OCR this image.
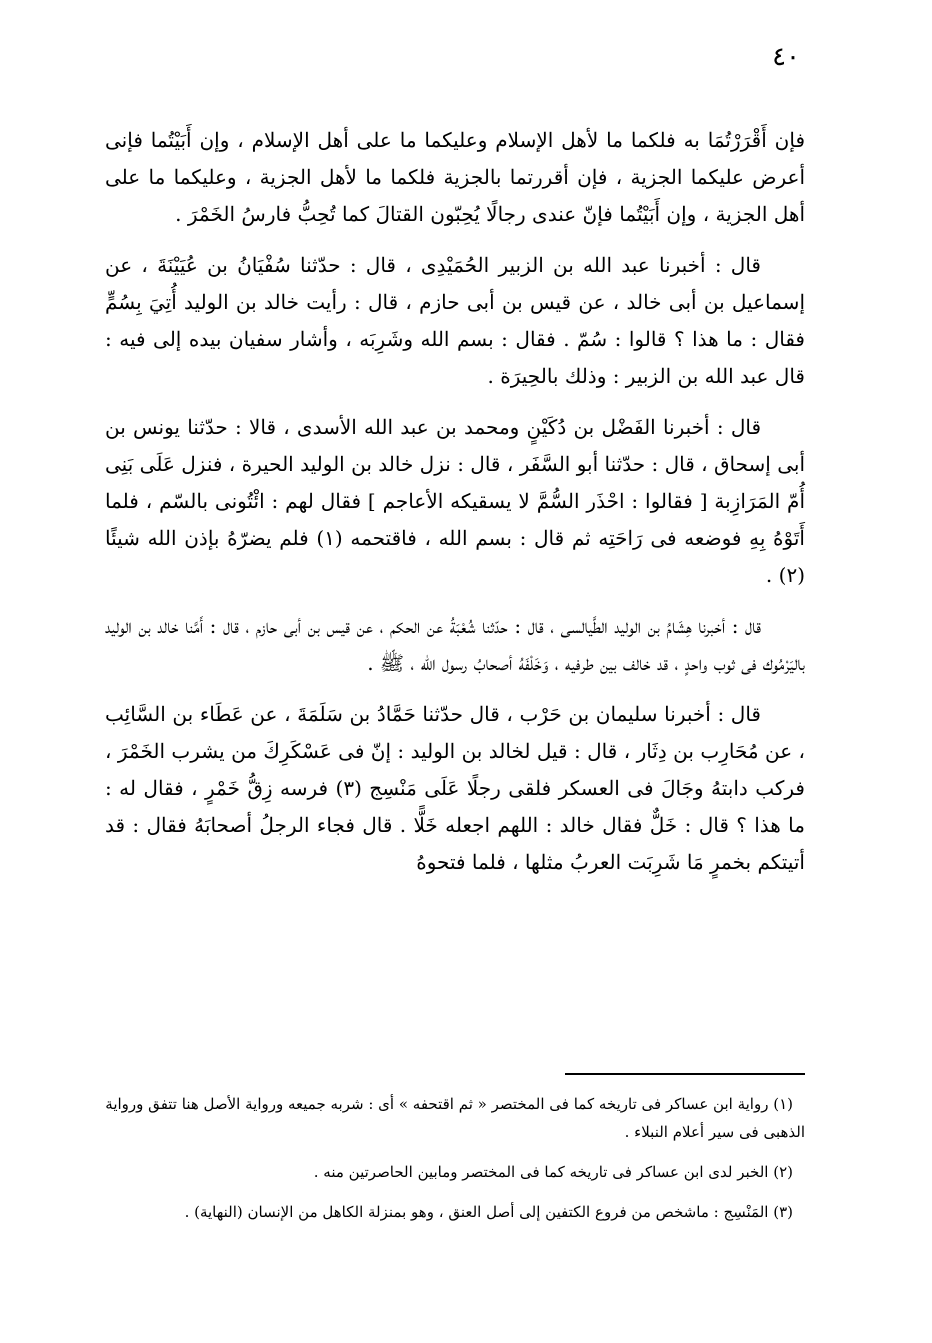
٤٠

فإن أَقْرَرْتُمَا به فلكما ما لأهل الإسلام وعليكما ما على أهل الإسلام ، وإن أَبَيْتُما فإنى أعرض عليكما الجزية ، فإن أقررتما بالجزية فلكما ما لأهل الجزية ، وعليكما ما على أهل الجزية ، وإن أَبَيْتُما فإنّ عندى رجالًا يُحِبّون القتالَ كما تُحِبُّ فارسُ الخَمْرَ .

قال : أخبرنا عبد الله بن الزبير الحُمَيْدِى ، قال : حدّثنا سُفْيَانُ بن عُيَيْنَةَ ، عن إسماعيل بن أبى خالد ، عن قيس بن أبى حازم ، قال : رأيت خالد بن الوليد أُتِيَ بِسُمٍّ فقال : ما هذا ؟ قالوا : سُمّ . فقال : بسم الله وشَرِبَه ، وأشار سفيان بيده إلى فيه : قال عبد الله بن الزبير : وذلك بالحِيرَة .

قال : أخبرنا الفَضْل بن دُكَيْنٍ ومحمد بن عبد الله الأسدى ، قالا : حدّثنا يونس بن أبى إسحاق ، قال : حدّثنا أبو السَّفَر ، قال : نزل خالد بن الوليد الحيرة ، فنزل عَلَى بَنِى أُمّ المَرَازِبة [ فقالوا : احْذَر السُّمَّ لا يسقيكه الأعاجم ] فقال لهم : ائْتُونى بالسّم ، فلما أَتَوْهُ بِهِ فوضعه فى رَاحَتِه ثم قال : بسم الله ، فاقتحمه (١) فلم يضرّهُ بإذن الله شيئًا (٢) .

قال : أخبرنا هِشَامُ بن الوليد الطَّيالسى ، قال : حدّثنا شُعْبَةُ عن الحكم ، عن قيس بن أبى حازم ، قال : أَمَّنا خالد بن الوليد باليَرْمُوك فى ثوب واحدٍ ، قد خالف بين طرفيه ، وَخَلْفَهُ أصحابُ رسول الله ، ﷺ .

قال : أخبرنا سليمان بن حَرْب ، قال حدّثنا حَمَّادُ بن سَلَمَةَ ، عن عَطَاء بن السَّائِب ، عن مُحَارِب بن دِثَار ، قال : قيل لخالد بن الوليد : إنّ فى عَسْكَرِكَ من يشرب الخَمْرَ ، فركب دابتهُ وجَالَ فى العسكر فلقى رجلًا عَلَى مَنْسِج (٣) فرسه زِقُّ خَمْرٍ ، فقال له : ما هذا ؟ قال : خَلٌّ فقال خالد : اللهم اجعله خَلًّا . قال فجاء الرجلُ أصحابَهُ فقال : قد أتيتكم بخمرٍ مَا شَرِبَت العربُ مثلها ، فلما فتحوهُ

(١) رواية ابن عساكر فى تاريخه كما فى المختصر « ثم اقتحفه » أى : شربه جميعه ورواية الأصل هنا تتفق ورواية الذهبى فى سير أعلام النبلاء .

(٢) الخبر لدى ابن عساكر فى تاريخه كما فى المختصر ومابين الحاصرتين منه .

(٣) المَنْسِج : ماشخص من فروع الكتفين إلى أصل العنق ، وهو بمنزلة الكاهل من الإنسان (النهاية) .
